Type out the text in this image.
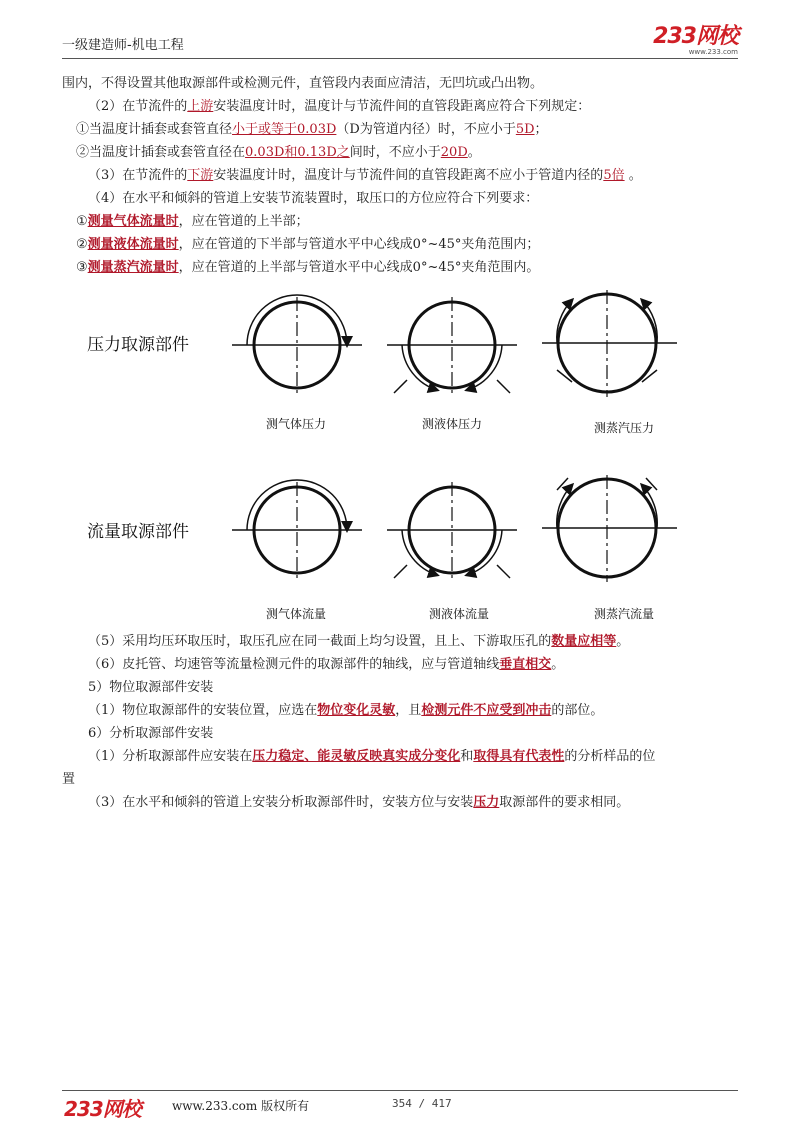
一级建造师-机电工程	233网校
www.233.com

围内，不得设置其他取源部件或检测元件，直管段内表面应清洁，无凹坑或凸出物。

（2）在节流件的上游安装温度计时，温度计与节流件间的直管段距离应符合下列规定：

①当温度计插套或套管直径小于或等于0.03D（D为管道内径）时，不应小于5D；

②当温度计插套或套管直径在0.03D和0.13D之间时，不应小于20D。

（3）在节流件的下游安装温度计时，温度计与节流件间的直管段距离不应小于管道内径的5倍 。

（4）在水平和倾斜的管道上安装节流装置时，取压口的方位应符合下列要求：

①测量气体流量时，应在管道的上半部；

②测量液体流量时，应在管道的下半部与管道水平中心线成0°~45°夹角范围内；

③测量蒸汽流量时，应在管道的上半部与管道水平中心线成0°~45°夹角范围内。

压力取源部件
流量取源部件
测气体压力	测液体压力	测蒸汽压力
测气体流量	测液体流量	测蒸汽流量

（5）采用均压环取压时，取压孔应在同一截面上均匀设置，且上、下游取压孔的数量应相等。

（6）皮托管、均速管等流量检测元件的取源部件的轴线，应与管道轴线垂直相交。

5）物位取源部件安装

（1）物位取源部件的安装位置，应选在物位变化灵敏，且检测元件不应受到冲击的部位。

6）分析取源部件安装

（1）分析取源部件应安装在压力稳定、能灵敏反映真实成分变化和取得具有代表性的分析样品的位

置

（3）在水平和倾斜的管道上安装分析取源部件时，安装方位与安装压力取源部件的要求相同。

233网校	www.233.com 版权所有	354 / 417
